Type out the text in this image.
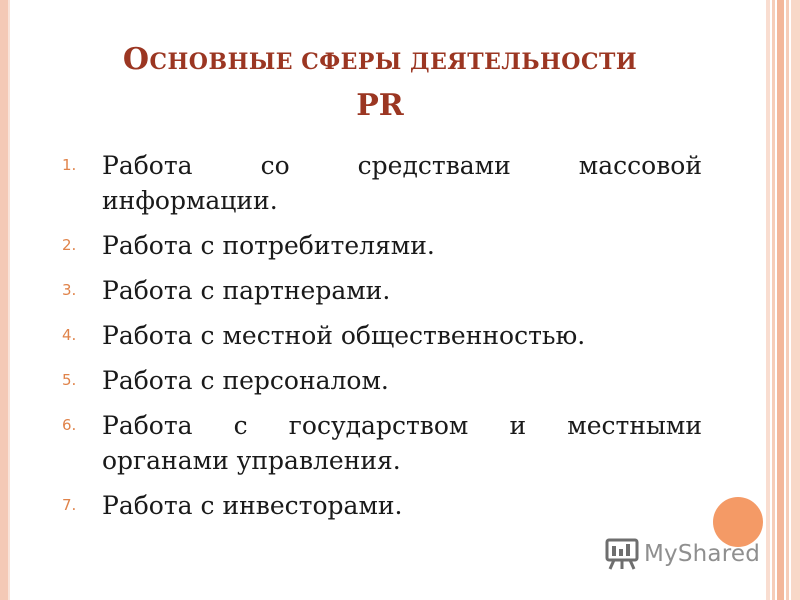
ОСНОВНЫЕ СФЕРЫ ДЕЯТЕЛЬНОСТИ
PR
1.	Работа со средствами массовой информации.
2.	Работа с потребителями.
3.	Работа с партнерами.
4.	Работа с местной общественностью.
5.	Работа с персоналом.
6.	Работа с государством и местными органами управления.
7.	Работа с инвесторами.
MyShared
